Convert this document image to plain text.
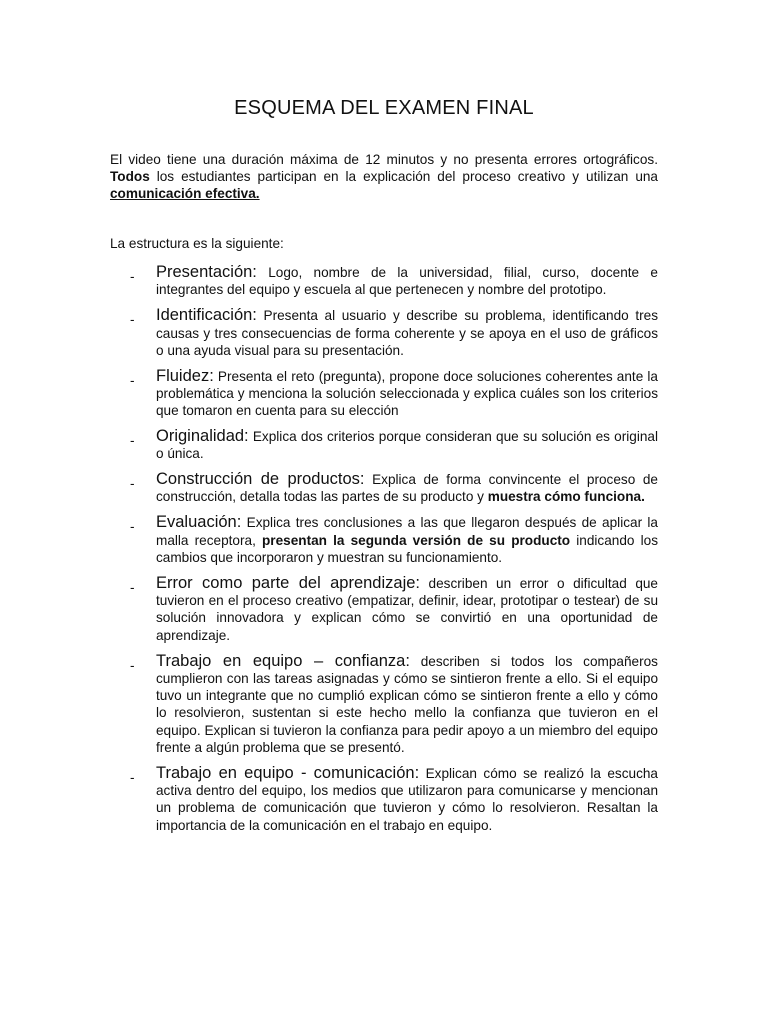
ESQUEMA DEL EXAMEN FINAL
El video tiene una duración máxima de 12 minutos y no presenta errores ortográficos. Todos los estudiantes participan en la explicación del proceso creativo y utilizan una comunicación efectiva.
La estructura es la siguiente:
- Presentación: Logo, nombre de la universidad, filial, curso, docente e integrantes del equipo y escuela al que pertenecen y nombre del prototipo.
- Identificación: Presenta al usuario y describe su problema, identificando tres causas y tres consecuencias de forma coherente y se apoya en el uso de gráficos o una ayuda visual para su presentación.
- Fluidez: Presenta el reto (pregunta), propone doce soluciones coherentes ante la problemática y menciona la solución seleccionada y explica cuáles son los criterios que tomaron en cuenta para su elección
- Originalidad: Explica dos criterios porque consideran que su solución es original o única.
- Construcción de productos: Explica de forma convincente el proceso de construcción, detalla todas las partes de su producto y muestra cómo funciona.
- Evaluación: Explica tres conclusiones a las que llegaron después de aplicar la malla receptora, presentan la segunda versión de su producto indicando los cambios que incorporaron y muestran su funcionamiento.
- Error como parte del aprendizaje: describen un error o dificultad que tuvieron en el proceso creativo (empatizar, definir, idear, prototipar o testear) de su solución innovadora y explican cómo se convirtió en una oportunidad de aprendizaje.
- Trabajo en equipo – confianza: describen si todos los compañeros cumplieron con las tareas asignadas y cómo se sintieron frente a ello. Si el equipo tuvo un integrante que no cumplió explican cómo se sintieron frente a ello y cómo lo resolvieron, sustentan si este hecho mello la confianza que tuvieron en el equipo. Explican si tuvieron la confianza para pedir apoyo a un miembro del equipo frente a algún problema que se presentó.
- Trabajo en equipo - comunicación: Explican cómo se realizó la escucha activa dentro del equipo, los medios que utilizaron para comunicarse y mencionan un problema de comunicación que tuvieron y cómo lo resolvieron. Resaltan la importancia de la comunicación en el trabajo en equipo.
